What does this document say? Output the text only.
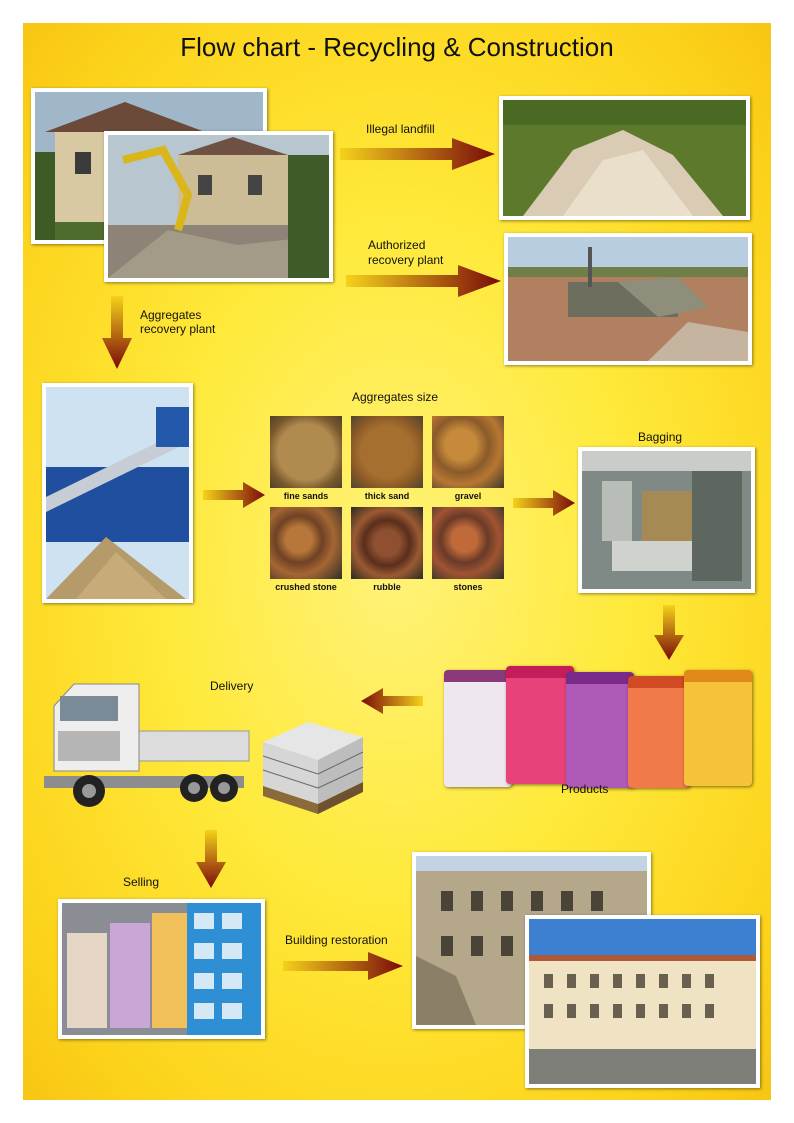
Flow chart - Recycling & Construction
Illegal landfill
Authorized
recovery plant
Aggregates
recovery plant
Aggregates size
fine sands	thick sand	gravel
crushed stone	rubble	stones
Bagging
Products
Delivery
Selling
Building restoration
